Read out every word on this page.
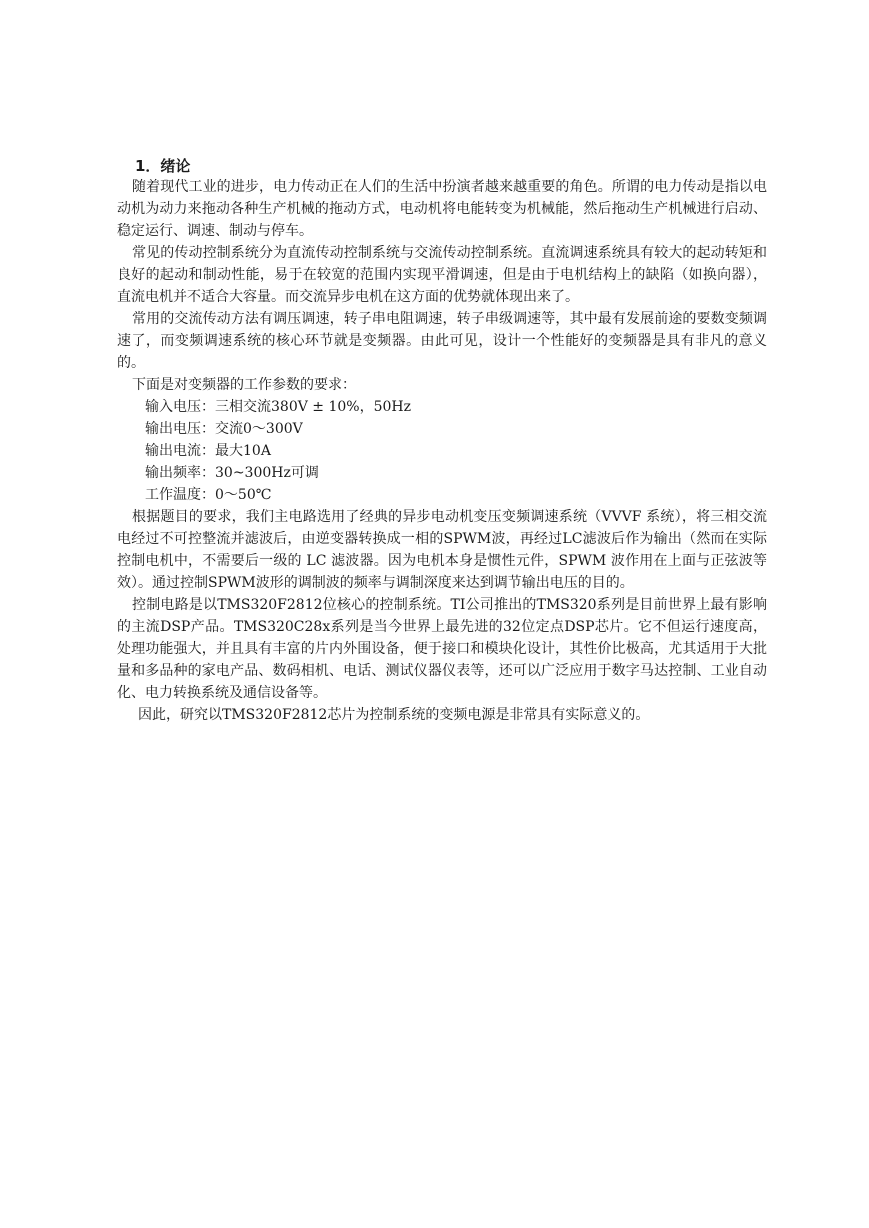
1．绪论

随着现代工业的进步，电力传动正在人们的生活中扮演者越来越重要的角色。所谓的电力传动是指以电动机为动力来拖动各种生产机械的拖动方式，电动机将电能转变为机械能，然后拖动生产机械进行启动、稳定运行、调速、制动与停车。

常见的传动控制系统分为直流传动控制系统与交流传动控制系统。直流调速系统具有较大的起动转矩和良好的起动和制动性能，易于在较宽的范围内实现平滑调速，但是由于电机结构上的缺陷（如换向器），直流电机并不适合大容量。而交流异步电机在这方面的优势就体现出来了。

常用的交流传动方法有调压调速，转子串电阻调速，转子串级调速等，其中最有发展前途的要数变频调速了，而变频调速系统的核心环节就是变频器。由此可见，设计一个性能好的变频器是具有非凡的意义的。

下面是对变频器的工作参数的要求：

输入电压：三相交流380V ± 10%，50Hz
输出电压：交流0～300V
输出电流：最大10A
输出频率：30~300Hz可调
工作温度：0～50℃

根据题目的要求，我们主电路选用了经典的异步电动机变压变频调速系统（VVVF 系统），将三相交流电经过不可控整流并滤波后，由逆变器转换成一相的SPWM波，再经过LC滤波后作为输出（然而在实际控制电机中，不需要后一级的 LC 滤波器。因为电机本身是惯性元件，SPWM 波作用在上面与正弦波等效）。通过控制SPWM波形的调制波的频率与调制深度来达到调节输出电压的目的。

控制电路是以TMS320F2812位核心的控制系统。TI公司推出的TMS320系列是目前世界上最有影响的主流DSP产品。TMS320C28x系列是当今世界上最先进的32位定点DSP芯片。它不但运行速度高，处理功能强大，并且具有丰富的片内外围设备，便于接口和模块化设计，其性价比极高，尤其适用于大批量和多品种的家电产品、数码相机、电话、测试仪器仪表等，还可以广泛应用于数字马达控制、工业自动化、电力转换系统及通信设备等。

因此，研究以TMS320F2812芯片为控制系统的变频电源是非常具有实际意义的。
